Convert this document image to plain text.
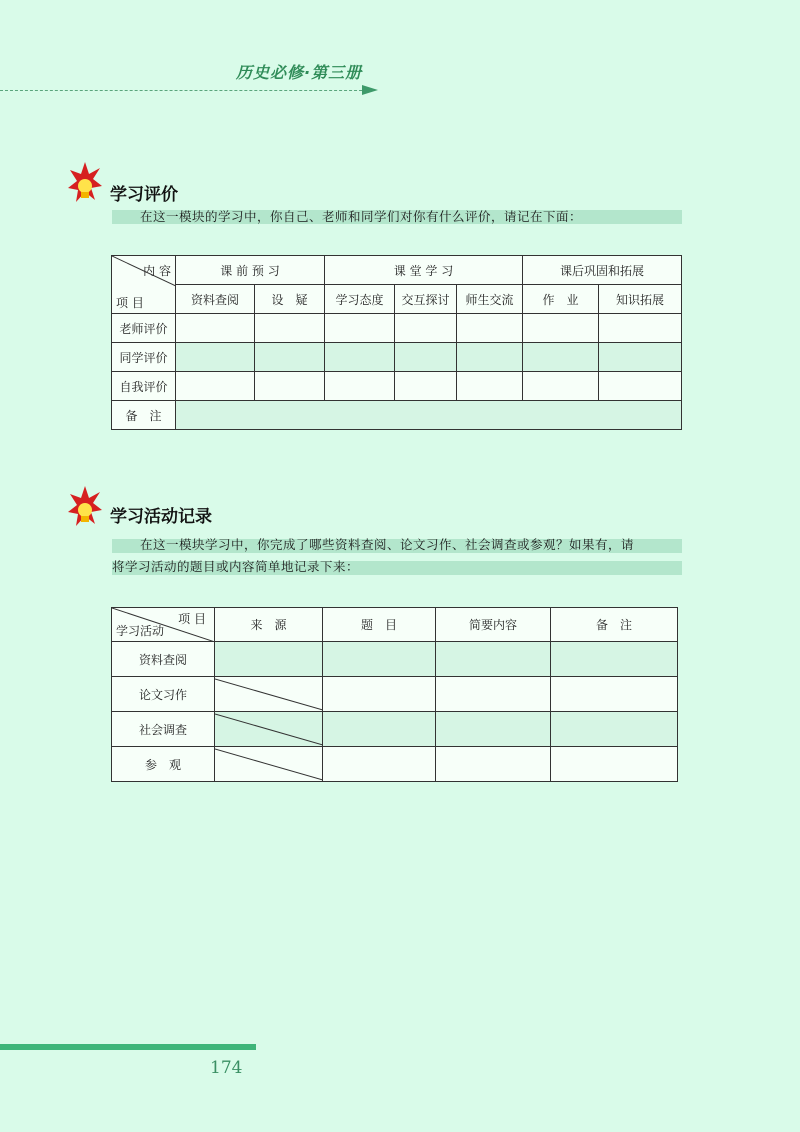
历史必修·第三册
学习评价
在这一模块的学习中，你自己、老师和同学们对你有什么评价，请记在下面：
内 容
项 目	课 前 预 习		课 堂 学 习			课后巩固和拓展	
	资料查阅	设　疑	学习态度	交互探讨	师生交流	作　业	知识拓展
老师评价							
同学评价							
自我评价							
备　注							
学习活动记录
在这一模块学习中，你完成了哪些资料查阅、论文习作、社会调查或参观？如果有，请
将学习活动的题目或内容简单地记录下来：
项 目
学习活动	来　源	题　目	简要内容	备　注
资料查阅				
论文习作	

社会调查	

参　观	

174
